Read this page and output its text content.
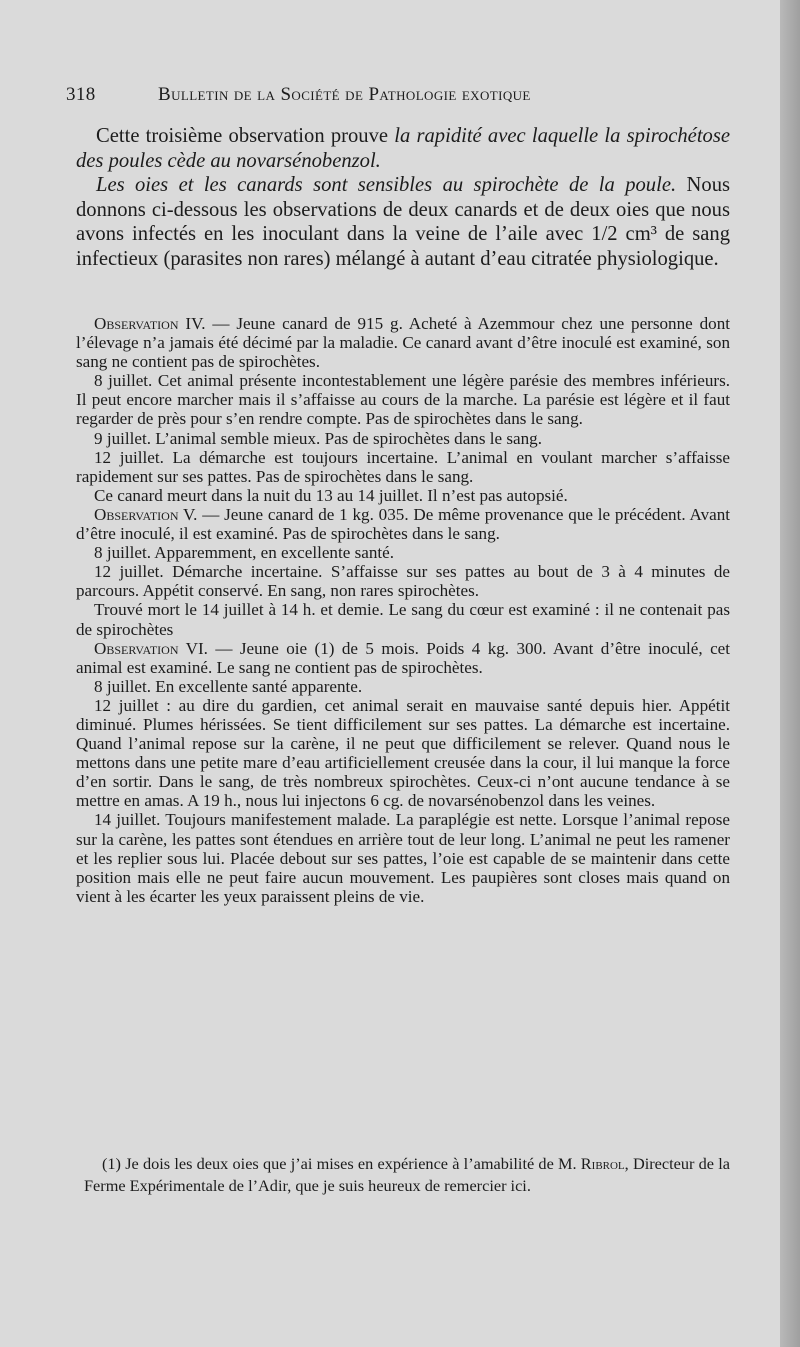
318	Bulletin de la Société de Pathologie exotique

Cette troisième observation prouve la rapidité avec laquelle la spirochétose des poules cède au novarsénobenzol.

Les oies et les canards sont sensibles au spirochète de la poule. Nous donnons ci-dessous les observations de deux canards et de deux oies que nous avons infectés en les inoculant dans la veine de l’aile avec 1/2 cm³ de sang infectieux (parasites non rares) mélangé à autant d’eau citratée physiologique.

Observation IV. — Jeune canard de 915 g. Acheté à Azemmour chez une personne dont l’élevage n’a jamais été décimé par la maladie. Ce canard avant d’être inoculé est examiné, son sang ne contient pas de spirochètes.

8 juillet. Cet animal présente incontestablement une légère parésie des membres inférieurs. Il peut encore marcher mais il s’affaisse au cours de la marche. La parésie est légère et il faut regarder de près pour s’en rendre compte. Pas de spirochètes dans le sang.

9 juillet. L’animal semble mieux. Pas de spirochètes dans le sang.

12 juillet. La démarche est toujours incertaine. L’animal en voulant marcher s’affaisse rapidement sur ses pattes. Pas de spirochètes dans le sang.

Ce canard meurt dans la nuit du 13 au 14 juillet. Il n’est pas autopsié.

Observation V. — Jeune canard de 1 kg. 035. De même provenance que le précédent. Avant d’être inoculé, il est examiné. Pas de spirochètes dans le sang.

8 juillet. Apparemment, en excellente santé.

12 juillet. Démarche incertaine. S’affaisse sur ses pattes au bout de 3 à 4 minutes de parcours. Appétit conservé. En sang, non rares spirochètes.

Trouvé mort le 14 juillet à 14 h. et demie. Le sang du cœur est examiné : il ne contenait pas de spirochètes

Observation VI. — Jeune oie (1) de 5 mois. Poids 4 kg. 300. Avant d’être inoculé, cet animal est examiné. Le sang ne contient pas de spirochètes.

8 juillet. En excellente santé apparente.

12 juillet : au dire du gardien, cet animal serait en mauvaise santé depuis hier. Appétit diminué. Plumes hérissées. Se tient difficilement sur ses pattes. La démarche est incertaine. Quand l’animal repose sur la carène, il ne peut que difficilement se relever. Quand nous le mettons dans une petite mare d’eau artificiellement creusée dans la cour, il lui manque la force d’en sortir. Dans le sang, de très nombreux spirochètes. Ceux-ci n’ont aucune tendance à se mettre en amas. A 19 h., nous lui injectons 6 cg. de novarsénobenzol dans les veines.

14 juillet. Toujours manifestement malade. La paraplégie est nette. Lorsque l’animal repose sur la carène, les pattes sont étendues en arrière tout de leur long. L’animal ne peut les ramener et les replier sous lui. Placée debout sur ses pattes, l’oie est capable de se maintenir dans cette position mais elle ne peut faire aucun mouvement. Les paupières sont closes mais quand on vient à les écarter les yeux paraissent pleins de vie.

(1) Je dois les deux oies que j’ai mises en expérience à l’amabilité de M. Ribrol, Directeur de la Ferme Expérimentale de l’Adir, que je suis heureux de remercier ici.
